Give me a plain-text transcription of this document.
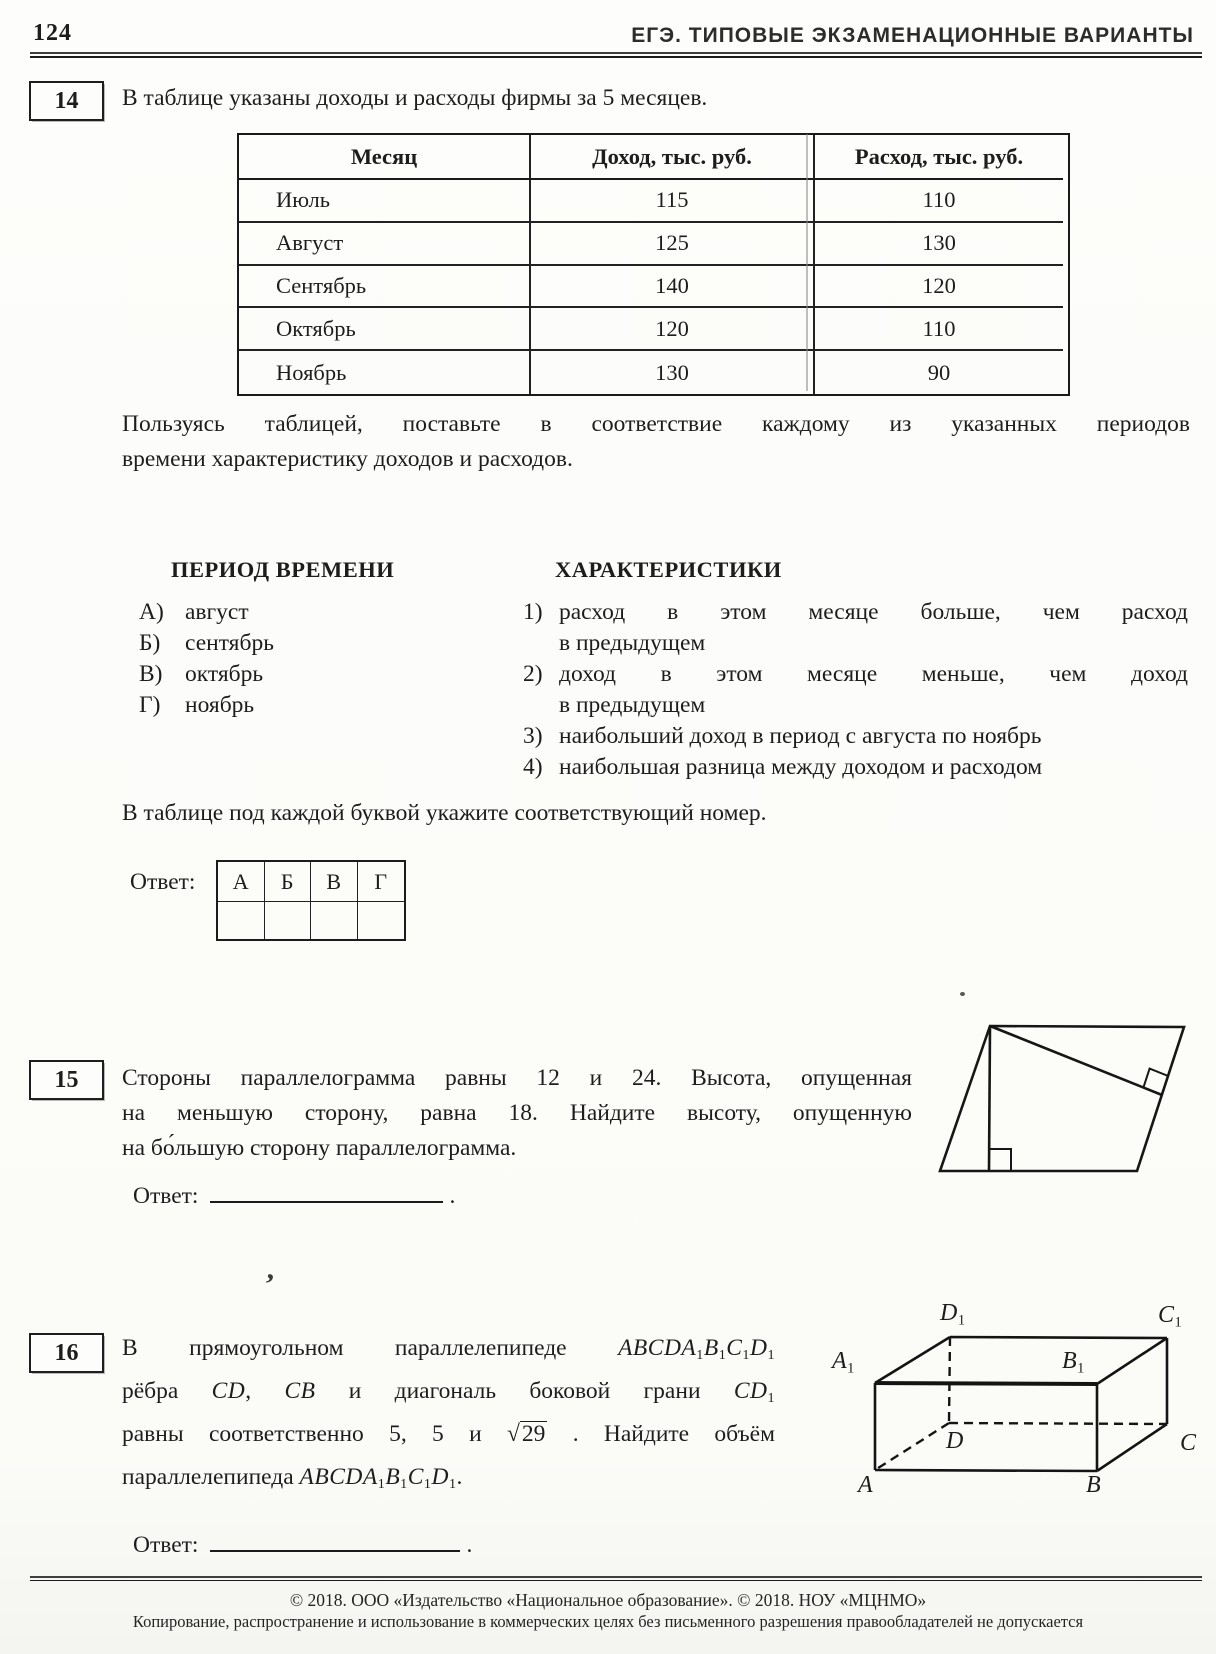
124	ЕГЭ. ТИПОВЫЕ ЭКЗАМЕНАЦИОННЫЕ ВАРИАНТЫ
14 В таблице указаны доходы и расходы фирмы за 5 месяцев.
Месяц	Доход, тыс. руб.	Расход, тыс. руб.
Июль	115	110
Август	125	130
Сентябрь	140	120
Октябрь	120	110
Ноябрь	130	90
Пользуясь таблицей, поставьте в соответствие каждому из указанных периодов
времени характеристику доходов и расходов.
ПЕРИОД ВРЕМЕНИ	ХАРАКТЕРИСТИКИ
А) август
Б) сентябрь
В) октябрь
Г) ноябрь
1) расход в этом месяце больше, чем расход
в предыдущем
2) доход в этом месяце меньше, чем доход
в предыдущем
3) наибольший доход в период с августа по ноябрь
4) наибольшая разница между доходом и расходом
В таблице под каждой буквой укажите соответствующий номер.
Ответ:	А	Б	В	Г
15 Стороны параллелограмма равны 12 и 24. Высота, опущенная
на меньшую сторону, равна 18. Найдите высоту, опущенную
на бо́льшую сторону параллелограмма.
Ответ:	.
’
16 В прямоугольном параллелепипеде $ABCDA_1B_1C_1D_1$
рёбра CD, CB и диагональ боковой грани $CD_1$
равны соответственно 5, 5 и √29 . Найдите объём
параллелепипеда $ABCDA_1B_1C_1D_1$.
Ответ:	.
$D_1$	$C_1$
$A_1$	$B_1$
D	C
A	B
© 2018. ООО «Издательство «Национальное образование». © 2018. НОУ «МЦНМО»
Копирование, распространение и использование в коммерческих целях без письменного разрешения правообладателей не допускается
